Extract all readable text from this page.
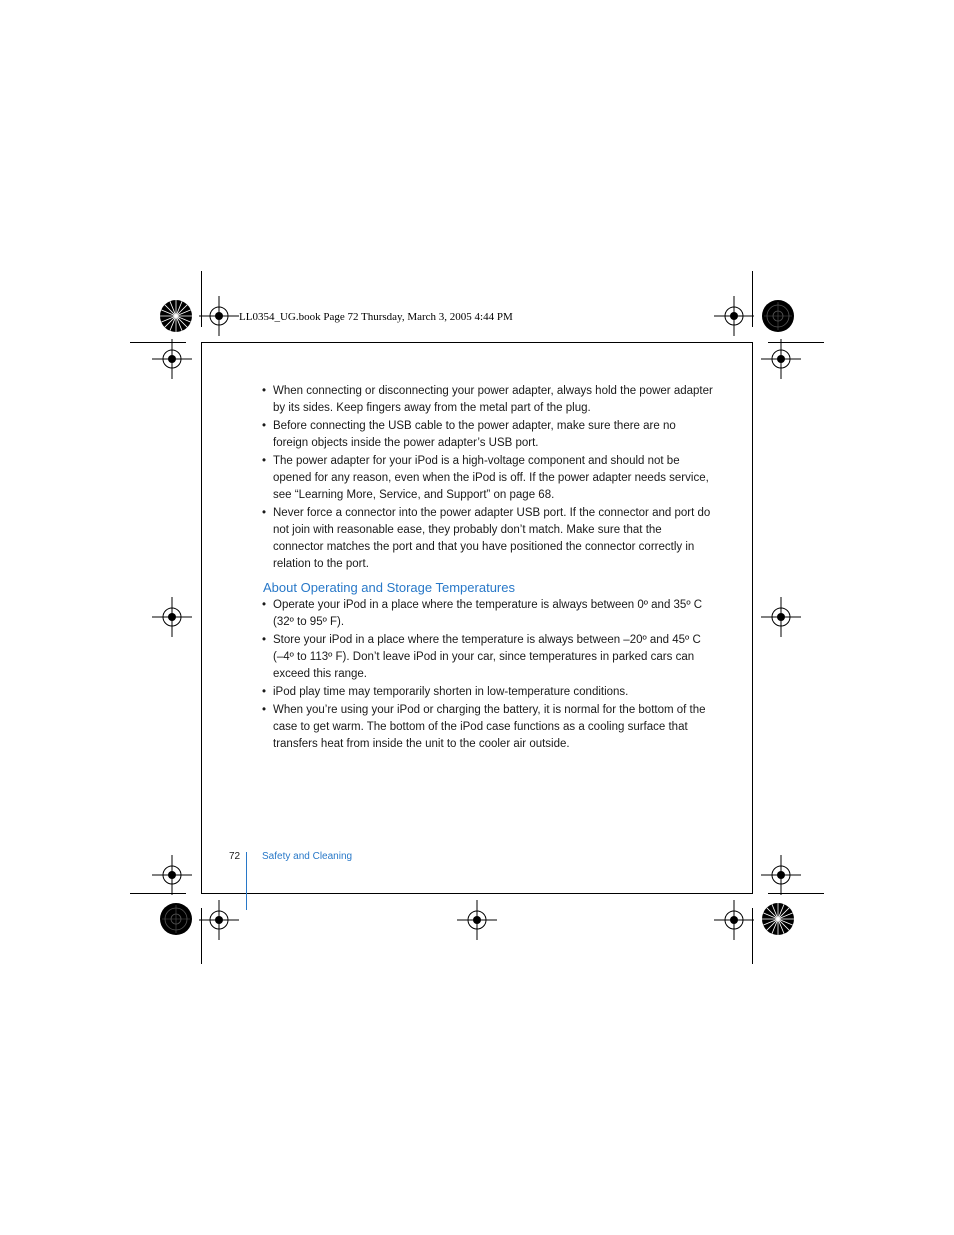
LL0354_UG.book Page 72 Thursday, March 3, 2005 4:44 PM
• When connecting or disconnecting your power adapter, always hold the power adapter by its sides. Keep fingers away from the metal part of the plug.
• Before connecting the USB cable to the power adapter, make sure there are no foreign objects inside the power adapter’s USB port.
• The power adapter for your iPod is a high-voltage component and should not be opened for any reason, even when the iPod is off. If the power adapter needs service, see “Learning More, Service, and Support” on page 68.
• Never force a connector into the power adapter USB port. If the connector and port do not join with reasonable ease, they probably don’t match. Make sure that the connector matches the port and that you have positioned the connector correctly in relation to the port.
About Operating and Storage Temperatures
• Operate your iPod in a place where the temperature is always between 0º and 35º C (32º to 95º F).
• Store your iPod in a place where the temperature is always between –20º and 45º C (–4º to 113º F). Don’t leave iPod in your car, since temperatures in parked cars can exceed this range.
• iPod play time may temporarily shorten in low-temperature conditions.
• When you’re using your iPod or charging the battery, it is normal for the bottom of the case to get warm. The bottom of the iPod case functions as a cooling surface that transfers heat from inside the unit to the cooler air outside.
72 Safety and Cleaning
